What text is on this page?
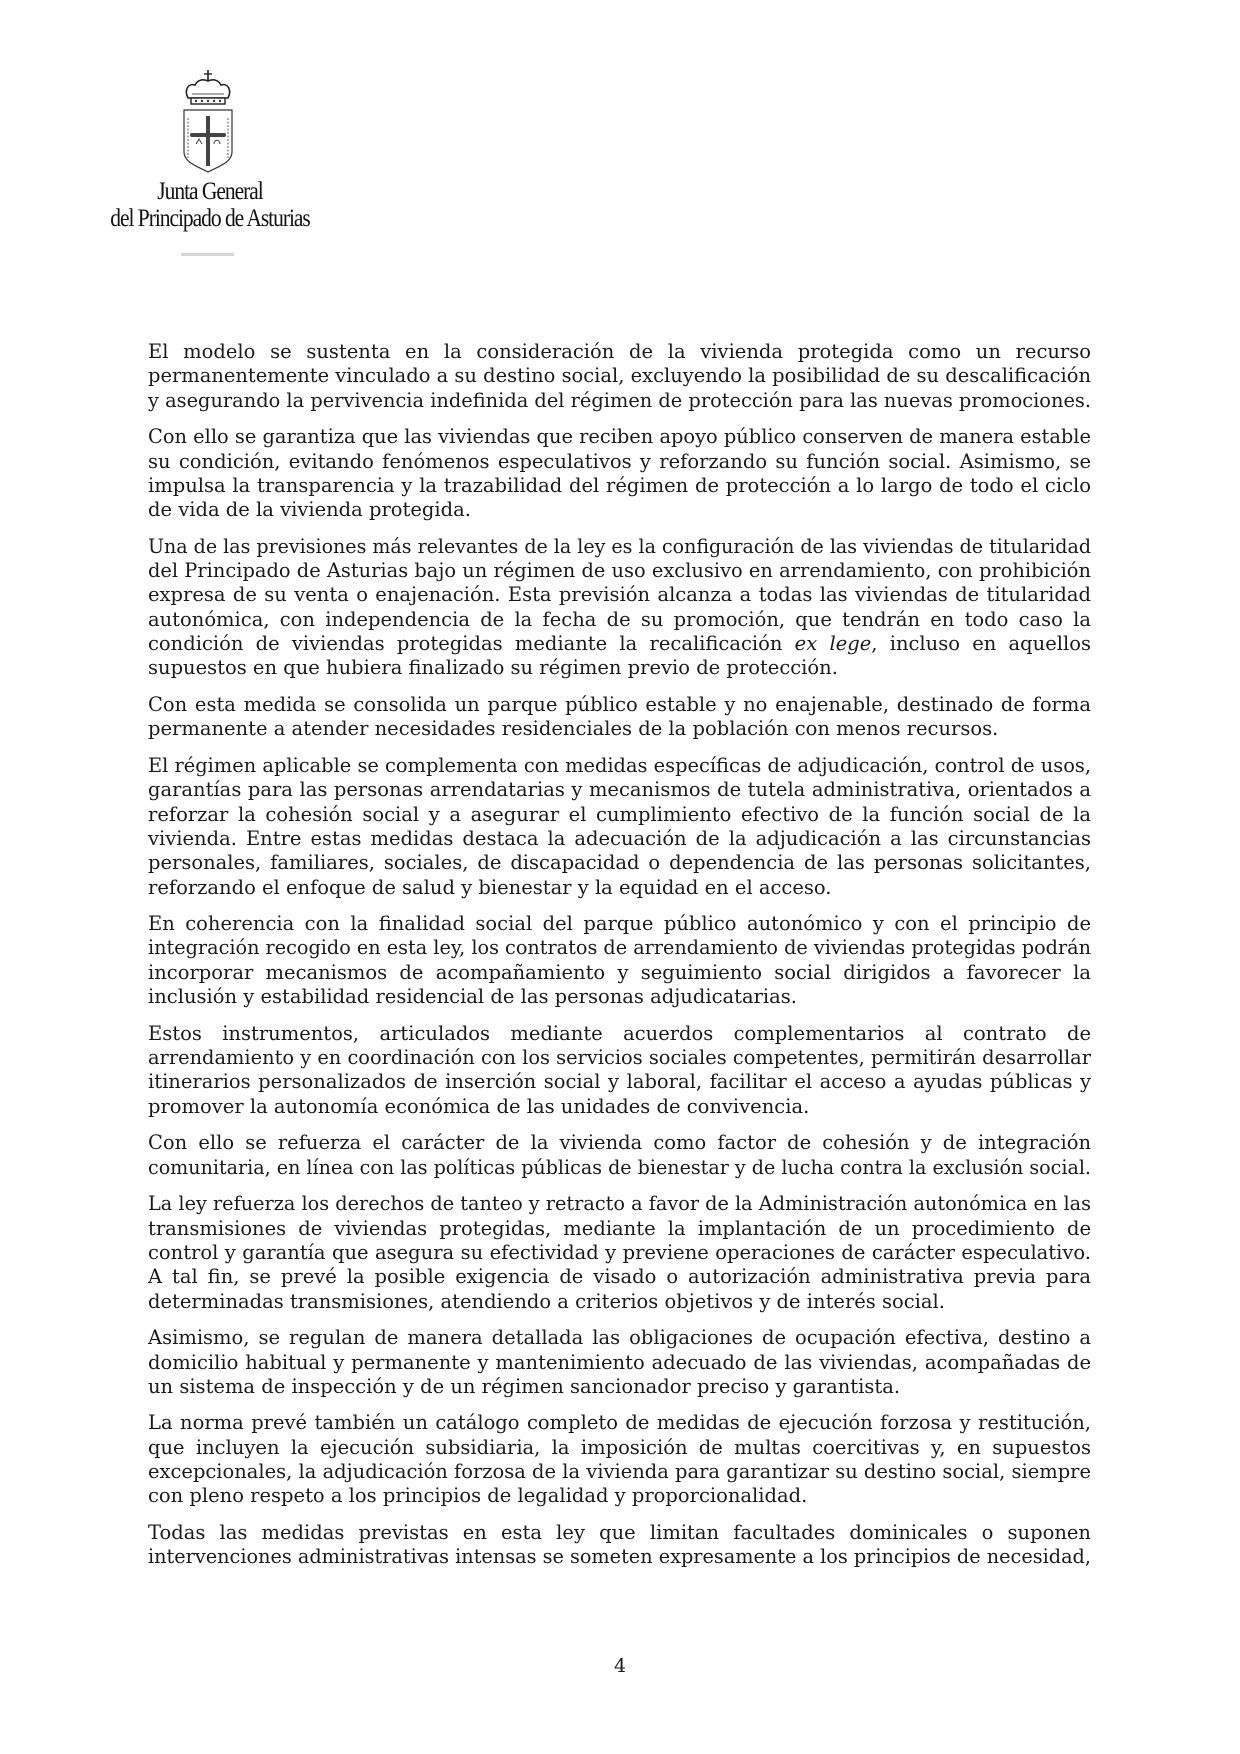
Junta General
del Principado de Asturias
El modelo se sustenta en la consideración de la vivienda protegida como un recurso
permanentemente vinculado a su destino social, excluyendo la posibilidad de su descalificación
y asegurando la pervivencia indefinida del régimen de protección para las nuevas promociones.
Con ello se garantiza que las viviendas que reciben apoyo público conserven de manera estable
su condición, evitando fenómenos especulativos y reforzando su función social. Asimismo, se
impulsa la transparencia y la trazabilidad del régimen de protección a lo largo de todo el ciclo
de vida de la vivienda protegida.
Una de las previsiones más relevantes de la ley es la configuración de las viviendas de titularidad
del Principado de Asturias bajo un régimen de uso exclusivo en arrendamiento, con prohibición
expresa de su venta o enajenación. Esta previsión alcanza a todas las viviendas de titularidad
autonómica, con independencia de la fecha de su promoción, que tendrán en todo caso la
condición de viviendas protegidas mediante la recalificación ex lege, incluso en aquellos
supuestos en que hubiera finalizado su régimen previo de protección.
Con esta medida se consolida un parque público estable y no enajenable, destinado de forma
permanente a atender necesidades residenciales de la población con menos recursos.
El régimen aplicable se complementa con medidas específicas de adjudicación, control de usos,
garantías para las personas arrendatarias y mecanismos de tutela administrativa, orientados a
reforzar la cohesión social y a asegurar el cumplimiento efectivo de la función social de la
vivienda. Entre estas medidas destaca la adecuación de la adjudicación a las circunstancias
personales, familiares, sociales, de discapacidad o dependencia de las personas solicitantes,
reforzando el enfoque de salud y bienestar y la equidad en el acceso.
En coherencia con la finalidad social del parque público autonómico y con el principio de
integración recogido en esta ley, los contratos de arrendamiento de viviendas protegidas podrán
incorporar mecanismos de acompañamiento y seguimiento social dirigidos a favorecer la
inclusión y estabilidad residencial de las personas adjudicatarias.
Estos instrumentos, articulados mediante acuerdos complementarios al contrato de
arrendamiento y en coordinación con los servicios sociales competentes, permitirán desarrollar
itinerarios personalizados de inserción social y laboral, facilitar el acceso a ayudas públicas y
promover la autonomía económica de las unidades de convivencia.
Con ello se refuerza el carácter de la vivienda como factor de cohesión y de integración
comunitaria, en línea con las políticas públicas de bienestar y de lucha contra la exclusión social.
La ley refuerza los derechos de tanteo y retracto a favor de la Administración autonómica en las
transmisiones de viviendas protegidas, mediante la implantación de un procedimiento de
control y garantía que asegura su efectividad y previene operaciones de carácter especulativo.
A tal fin, se prevé la posible exigencia de visado o autorización administrativa previa para
determinadas transmisiones, atendiendo a criterios objetivos y de interés social.
Asimismo, se regulan de manera detallada las obligaciones de ocupación efectiva, destino a
domicilio habitual y permanente y mantenimiento adecuado de las viviendas, acompañadas de
un sistema de inspección y de un régimen sancionador preciso y garantista.
La norma prevé también un catálogo completo de medidas de ejecución forzosa y restitución,
que incluyen la ejecución subsidiaria, la imposición de multas coercitivas y, en supuestos
excepcionales, la adjudicación forzosa de la vivienda para garantizar su destino social, siempre
con pleno respeto a los principios de legalidad y proporcionalidad.
Todas las medidas previstas en esta ley que limitan facultades dominicales o suponen
intervenciones administrativas intensas se someten expresamente a los principios de necesidad,
4
